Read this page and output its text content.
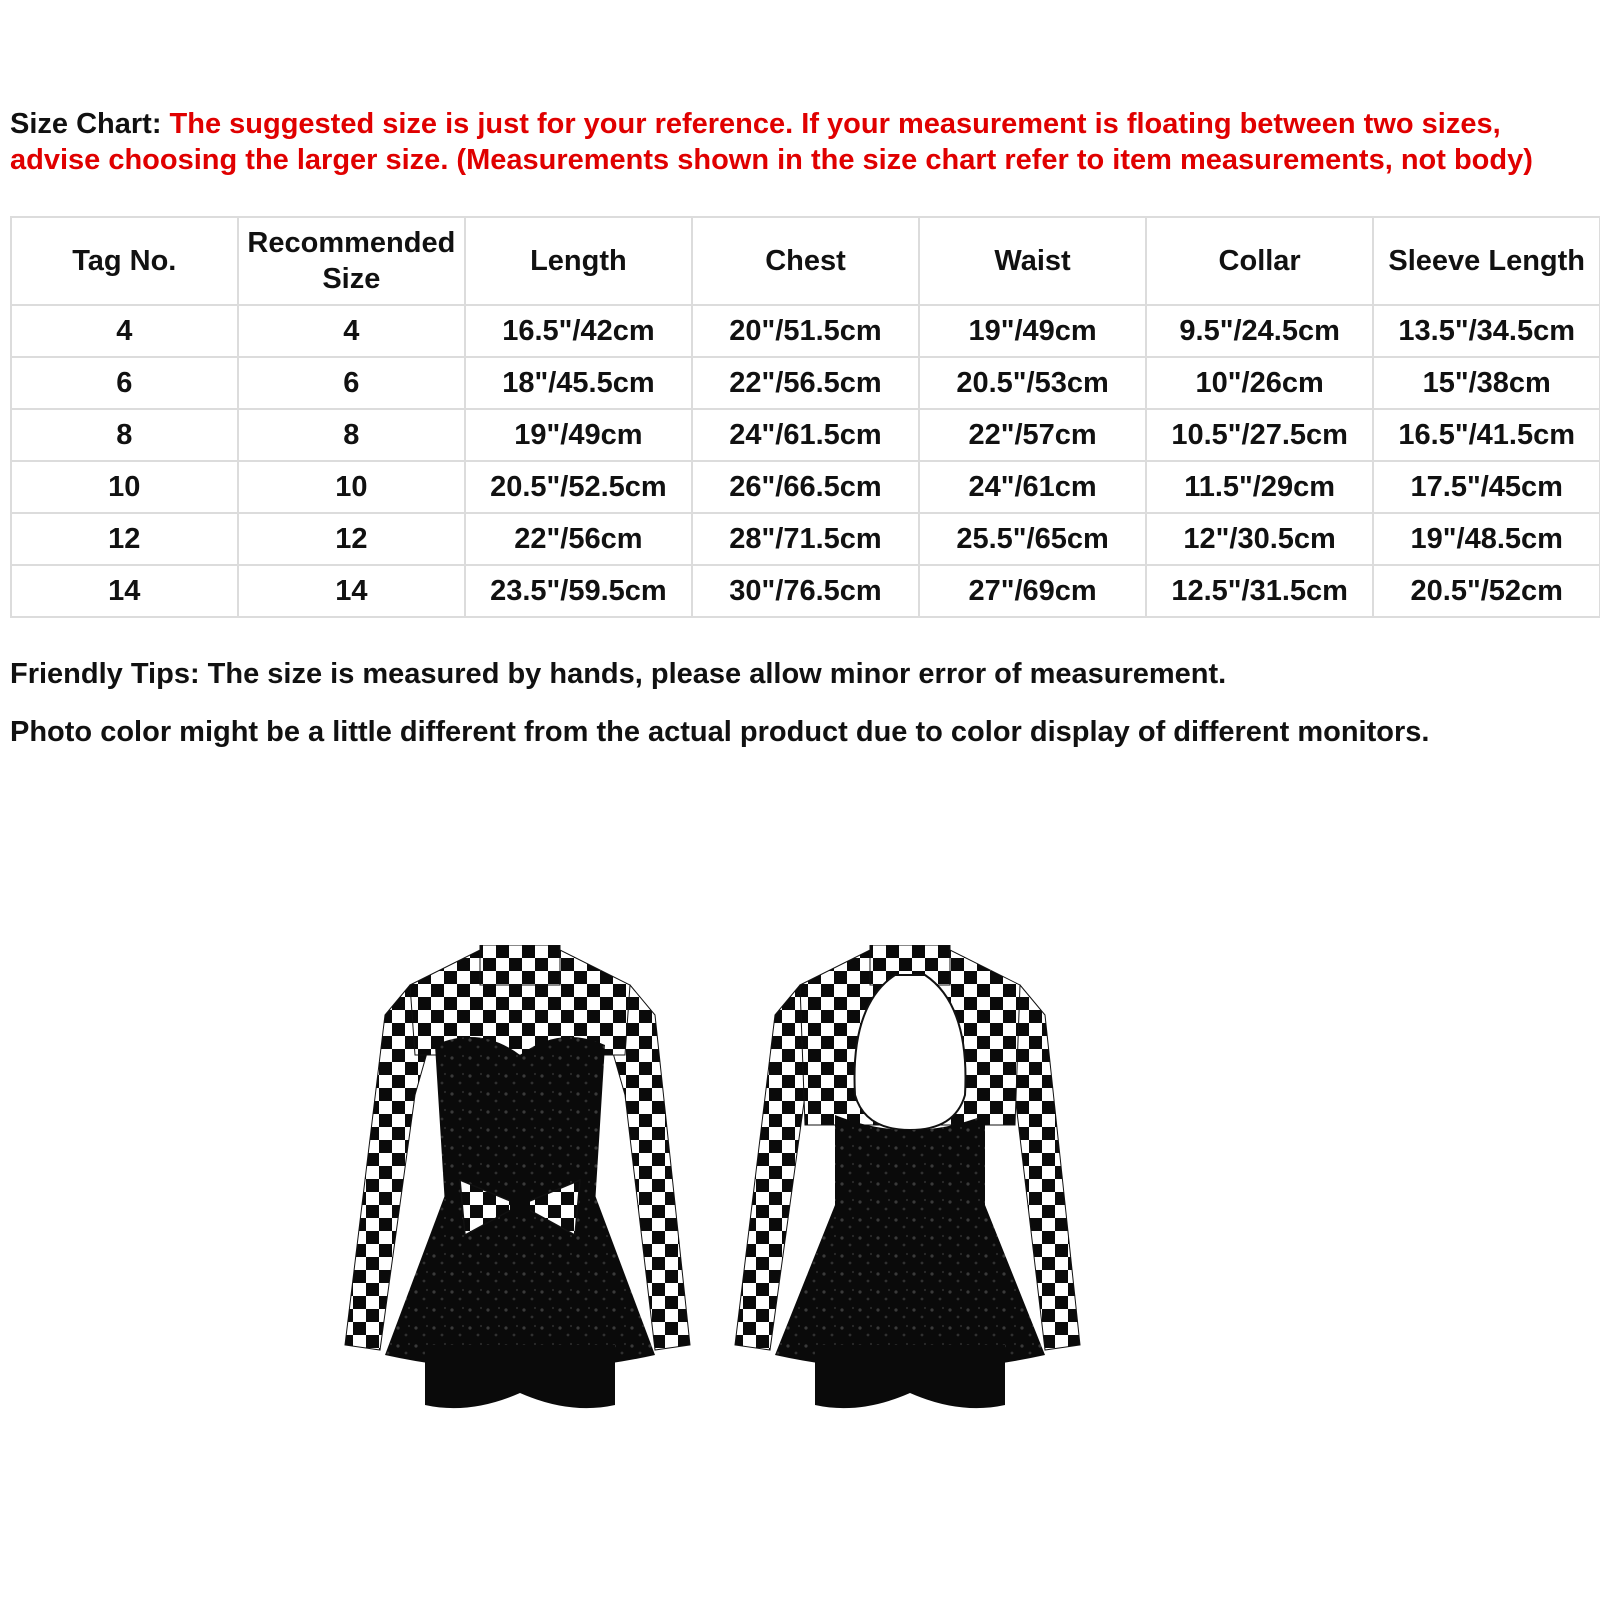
Size Chart: The suggested size is just for your reference. If your measurement is floating between two sizes, advise choosing the larger size. (Measurements shown in the size chart refer to item measurements, not body)
Tag No.	Recommended Size	Length	Chest	Waist	Collar	Sleeve Length
4	4	16.5"/42cm	20"/51.5cm	19"/49cm	9.5"/24.5cm	13.5"/34.5cm
6	6	18"/45.5cm	22"/56.5cm	20.5"/53cm	10"/26cm	15"/38cm
8	8	19"/49cm	24"/61.5cm	22"/57cm	10.5"/27.5cm	16.5"/41.5cm
10	10	20.5"/52.5cm	26"/66.5cm	24"/61cm	11.5"/29cm	17.5"/45cm
12	12	22"/56cm	28"/71.5cm	25.5"/65cm	12"/30.5cm	19"/48.5cm
14	14	23.5"/59.5cm	30"/76.5cm	27"/69cm	12.5"/31.5cm	20.5"/52cm
Friendly Tips: The size is measured by hands, please allow minor error of measurement.
Photo color might be a little different from the actual product due to color display of different monitors.
